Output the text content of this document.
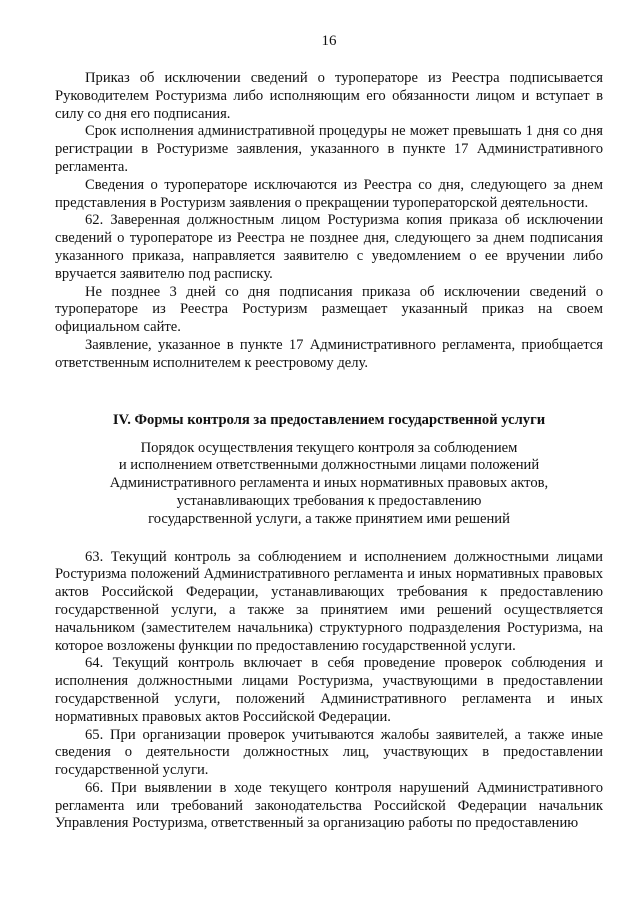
16

Приказ об исключении сведений о туроператоре из Реестра подписывается Руководителем Ростуризма либо исполняющим его обязанности лицом и вступает в силу со дня его подписания.

Срок исполнения административной процедуры не может превышать 1 дня со дня регистрации в Ростуризме заявления, указанного в пункте 17 Административного регламента.

Сведения о туроператоре исключаются из Реестра со дня, следующего за днем представления в Ростуризм заявления о прекращении туроператорской деятельности.

62. Заверенная должностным лицом Ростуризма копия приказа об исключении сведений о туроператоре из Реестра не позднее дня, следующего за днем подписания указанного приказа, направляется заявителю с уведомлением о ее вручении либо вручается заявителю под расписку.

Не позднее 3 дней со дня подписания приказа об исключении сведений о туроператоре из Реестра Ростуризм размещает указанный приказ на своем официальном сайте.

Заявление, указанное в пункте 17 Административного регламента, приобщается ответственным исполнителем к реестровому делу.

IV. Формы контроля за предоставлением государственной услуги
Порядок осуществления текущего контроля за соблюдением
и исполнением ответственными должностными лицами положений
Административного регламента и иных нормативных правовых актов,
устанавливающих требования к предоставлению
государственной услуги, а также принятием ими решений

63. Текущий контроль за соблюдением и исполнением должностными лицами Ростуризма положений Административного регламента и иных нормативных правовых актов Российской Федерации, устанавливающих требования к предоставлению государственной услуги, а также за принятием ими решений осуществляется начальником (заместителем начальника) структурного подразделения Ростуризма, на которое возложены функции по предоставлению государственной услуги.

64. Текущий контроль включает в себя проведение проверок соблюдения и исполнения должностными лицами Ростуризма, участвующими в предоставлении государственной услуги, положений Административного регламента и иных нормативных правовых актов Российской Федерации.

65. При организации проверок учитываются жалобы заявителей, а также иные сведения о деятельности должностных лиц, участвующих в предоставлении государственной услуги.

66. При выявлении в ходе текущего контроля нарушений Административного регламента или требований законодательства Российской Федерации начальник Управления Ростуризма, ответственный за организацию работы по предоставлению
